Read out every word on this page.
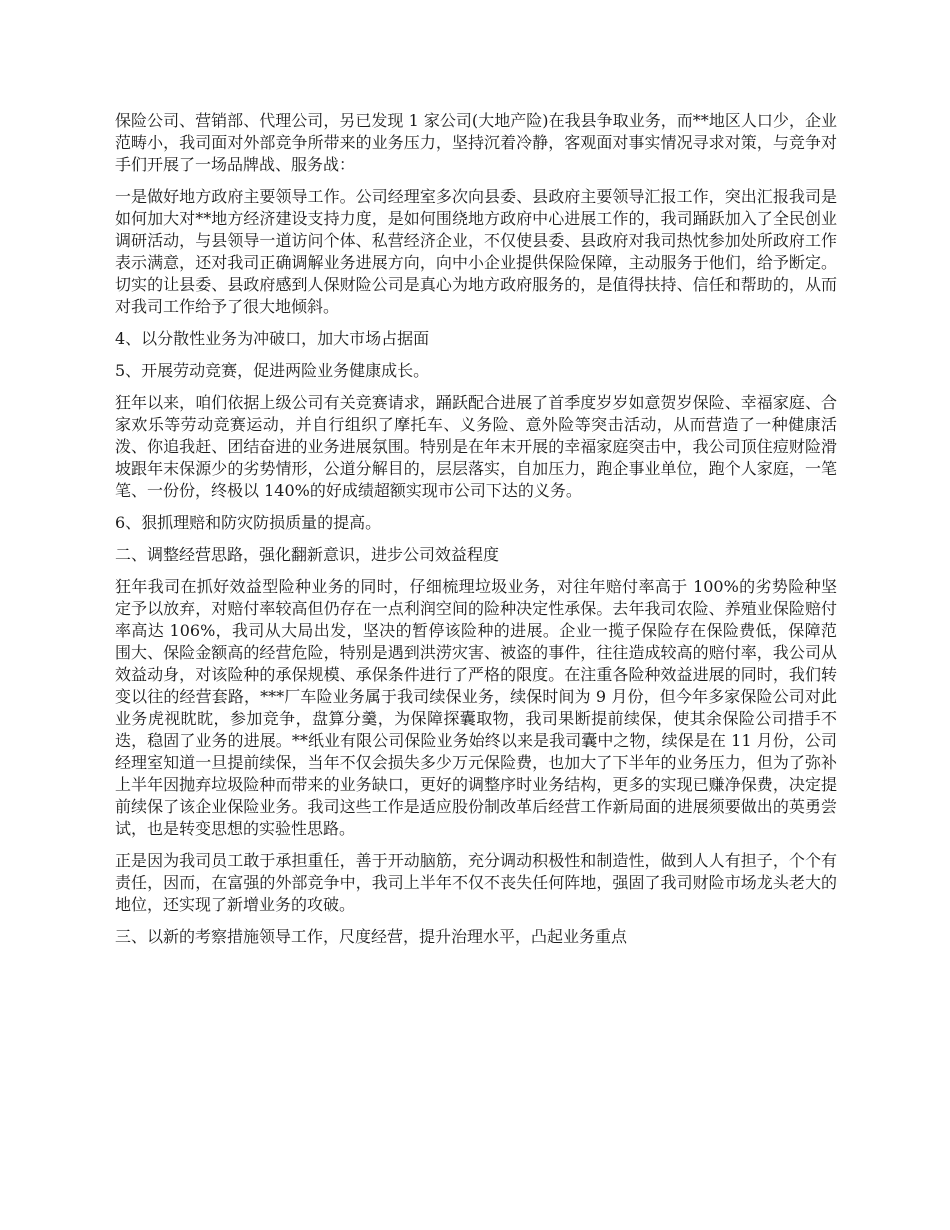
保险公司、营销部、代理公司，另已发现 1 家公司(大地产险)在我县争取业务，而**地区人口少，企业范畴小，我司面对外部竞争所带来的业务压力，坚持沉着冷静，客观面对事实情况寻求对策，与竞争对手们开展了一场品牌战、服务战：

一是做好地方政府主要领导工作。公司经理室多次向县委、县政府主要领导汇报工作，突出汇报我司是如何加大对**地方经济建设支持力度，是如何围绕地方政府中心进展工作的，我司踊跃加入了全民创业调研活动，与县领导一道访问个体、私营经济企业，不仅使县委、县政府对我司热忱参加处所政府工作表示满意，还对我司正确调解业务进展方向，向中小企业提供保险保障，主动服务于他们，给予断定。切实的让县委、县政府感到人保财险公司是真心为地方政府服务的，是值得扶持、信任和帮助的，从而对我司工作给予了很大地倾斜。

4、以分散性业务为冲破口，加大市场占据面

5、开展劳动竞赛，促进两险业务健康成长。

狂年以来，咱们依据上级公司有关竞赛请求，踊跃配合进展了首季度岁岁如意贺岁保险、幸福家庭、合家欢乐等劳动竞赛运动，并自行组织了摩托车、义务险、意外险等突击活动，从而营造了一种健康活泼、你追我赶、团结奋进的业务进展氛围。特别是在年末开展的幸福家庭突击中，我公司顶住痘财险滑坡跟年末保源少的劣势情形，公道分解目的，层层落实，自加压力，跑企事业单位，跑个人家庭，一笔笔、一份份，终极以 140%的好成绩超额实现市公司下达的义务。

6、狠抓理赔和防灾防损质量的提高。

二、调整经营思路，强化翻新意识，进步公司效益程度

狂年我司在抓好效益型险种业务的同时，仔细梳理垃圾业务，对往年赔付率高于 100%的劣势险种坚定予以放弃，对赔付率较高但仍存在一点利润空间的险种决定性承保。去年我司农险、养殖业保险赔付率高达 106%，我司从大局出发，坚决的暂停该险种的进展。企业一揽子保险存在保险费低，保障范围大、保险金额高的经营危险，特别是遇到洪涝灾害、被盗的事件，往往造成较高的赔付率，我公司从效益动身，对该险种的承保规模、承保条件进行了严格的限度。在注重各险种效益进展的同时，我们转变以往的经营套路，***厂车险业务属于我司续保业务，续保时间为 9 月份，但今年多家保险公司对此业务虎视眈眈，参加竞争，盘算分羹，为保障探囊取物，我司果断提前续保，使其余保险公司措手不迭，稳固了业务的进展。**纸业有限公司保险业务始终以来是我司囊中之物，续保是在 11 月份，公司经理室知道一旦提前续保，当年不仅会损失多少万元保险费，也加大了下半年的业务压力，但为了弥补上半年因抛弃垃圾险种而带来的业务缺口，更好的调整序时业务结构，更多的实现已赚净保费，决定提前续保了该企业保险业务。我司这些工作是适应股份制改革后经营工作新局面的进展须要做出的英勇尝试，也是转变思想的实验性思路。

正是因为我司员工敢于承担重任，善于开动脑筋，充分调动积极性和制造性，做到人人有担子，个个有责任，因而，在富强的外部竞争中，我司上半年不仅不丧失任何阵地，强固了我司财险市场龙头老大的地位，还实现了新增业务的攻破。

三、以新的考察措施领导工作，尺度经营，提升治理水平，凸起业务重点
